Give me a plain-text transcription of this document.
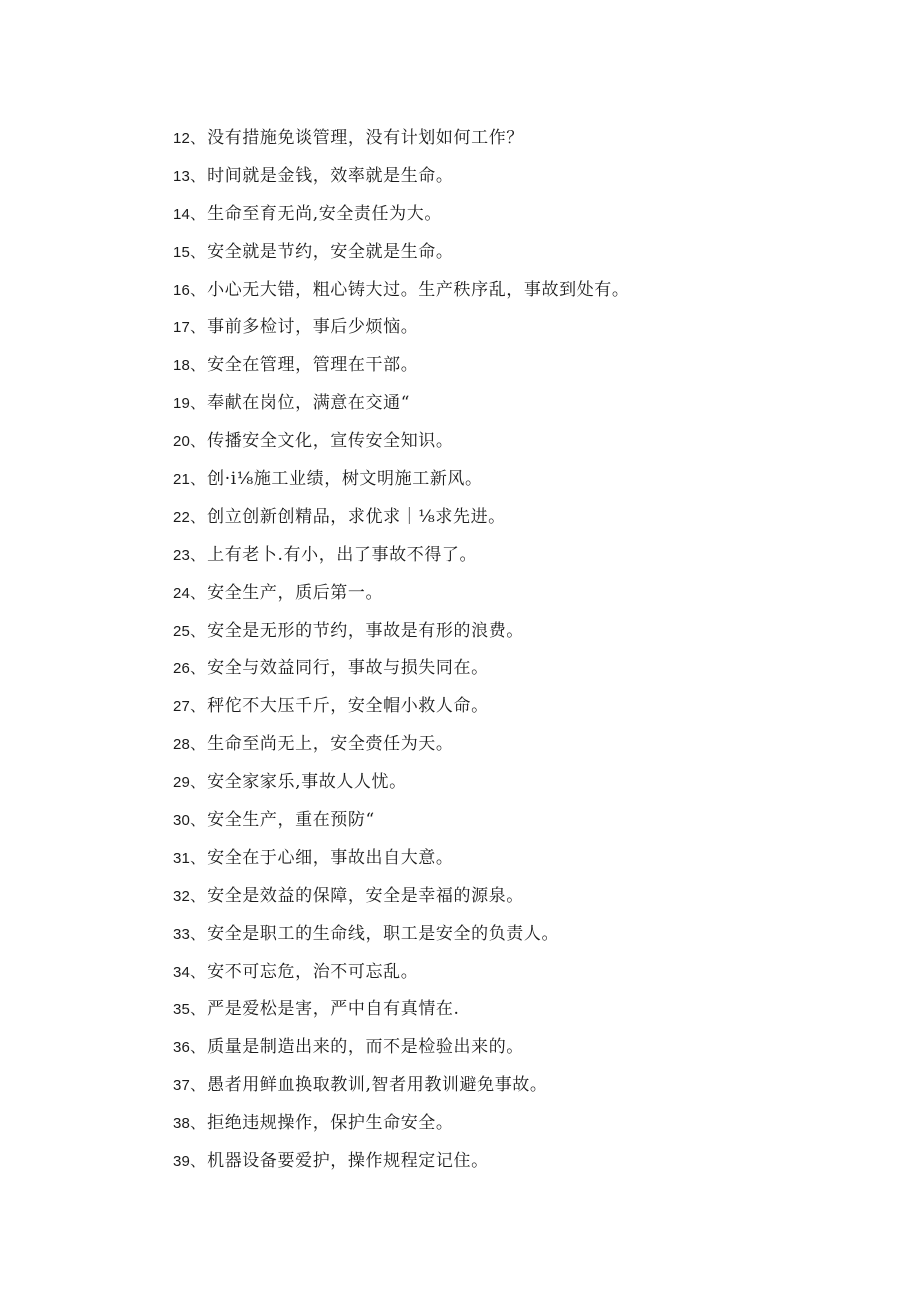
12 、 没有措施免谈管理，没有计划如何工作？
13 、 时间就是金钱，效率就是生命。
14 、 生命至育无尚,安全责任为大。
15 、 安全就是节约，安全就是生命。
16 、 小心无大错，粗心铸大过。生产秩序乱，事故到处有。
17 、 事前多检讨，事后少烦恼。
18 、 安全在管理，管理在干部。
19 、 奉献在岗位，满意在交通“
20 、 传播安全文化，宣传安全知识。
21 、 创·i⅛施工业绩，树文明施工新风。
22 、 创立创新创精品，求优求｜⅛求先进。
23 、 上有老卜.有小，出了事故不得了。
24 、 安全生产，质后第一。
25 、 安全是无形的节约，事故是有形的浪费。
26 、 安全与效益同行，事故与损失同在。
27 、 秤佗不大压千斤，安全帽小救人命。
28 、 生命至尚无上，安全赍任为天。
29 、 安全家家乐,事故人人忧。
30 、 安全生产，重在预防“
31 、 安全在于心细，事故出自大意。
32 、 安全是效益的保障，安全是幸福的源泉。
33 、 安全是职工的生命线，职工是安全的负责人。
34 、 安不可忘危，治不可忘乱。
35 、 严是爱松是害，严中自有真情在.
36 、 质量是制造出来的，而不是检验出来的。
37 、 愚者用鲜血换取教训,智者用教训避免事故。
38 、 拒绝违规操作，保护生命安全。
39 、 机器设备要爱护，操作规程定记住。
